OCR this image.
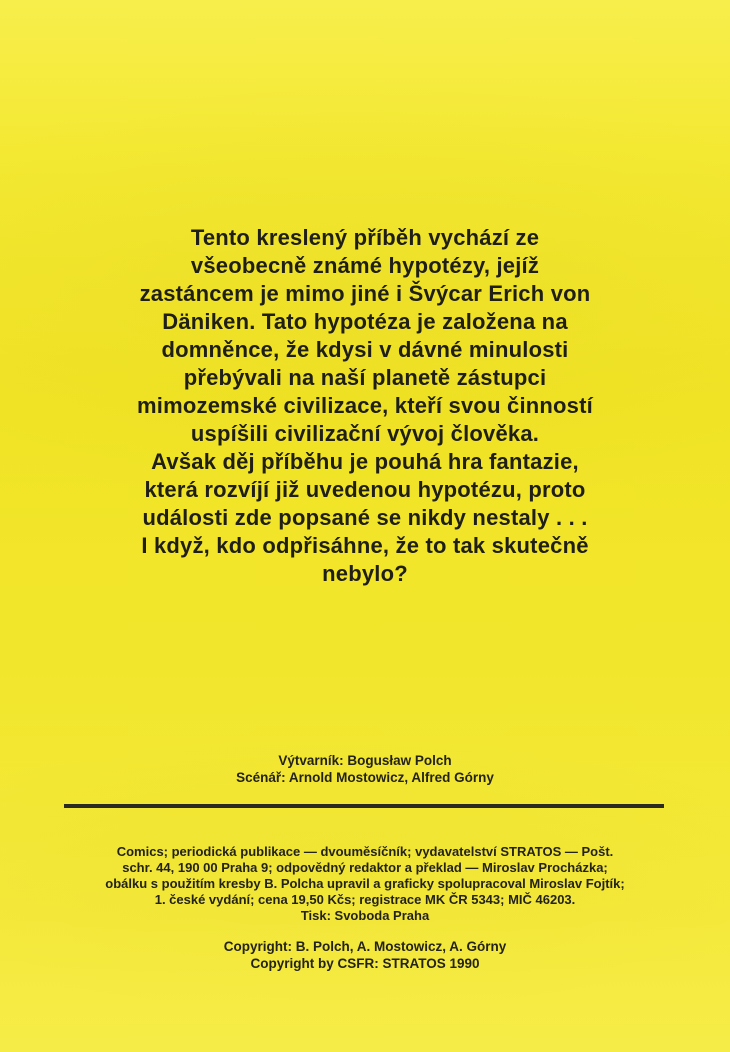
Tento kreslený příběh vychází ze
všeobecně známé hypotézy, jejíž
zastáncem je mimo jiné i Švýcar Erich von
Däniken. Tato hypotéza je založena na
domněnce, že kdysi v dávné minulosti
přebývali na naší planetě zástupci
mimozemské civilizace, kteří svou činností
uspíšili civilizační vývoj člověka.
Avšak děj příběhu je pouhá hra fantazie,
která rozvíjí již uvedenou hypotézu, proto
události zde popsané se nikdy nestaly . . .
I když, kdo odpřisáhne, že to tak skutečně
nebylo?
Výtvarník: Bogusław Polch
Scénář: Arnold Mostowicz, Alfred Górny
Comics; periodická publikace — dvouměsíčník; vydavatelství STRATOS — Pošt.
schr. 44, 190 00 Praha 9; odpovědný redaktor a překlad — Miroslav Procházka;
obálku s použitím kresby B. Polcha upravil a graficky spolupracoval Miroslav Fojtík;
1. české vydání; cena 19,50 Kčs; registrace MK ČR 5343; MIČ 46203.
Tisk: Svoboda Praha
Copyright: B. Polch, A. Mostowicz, A. Górny
Copyright by CSFR: STRATOS 1990
